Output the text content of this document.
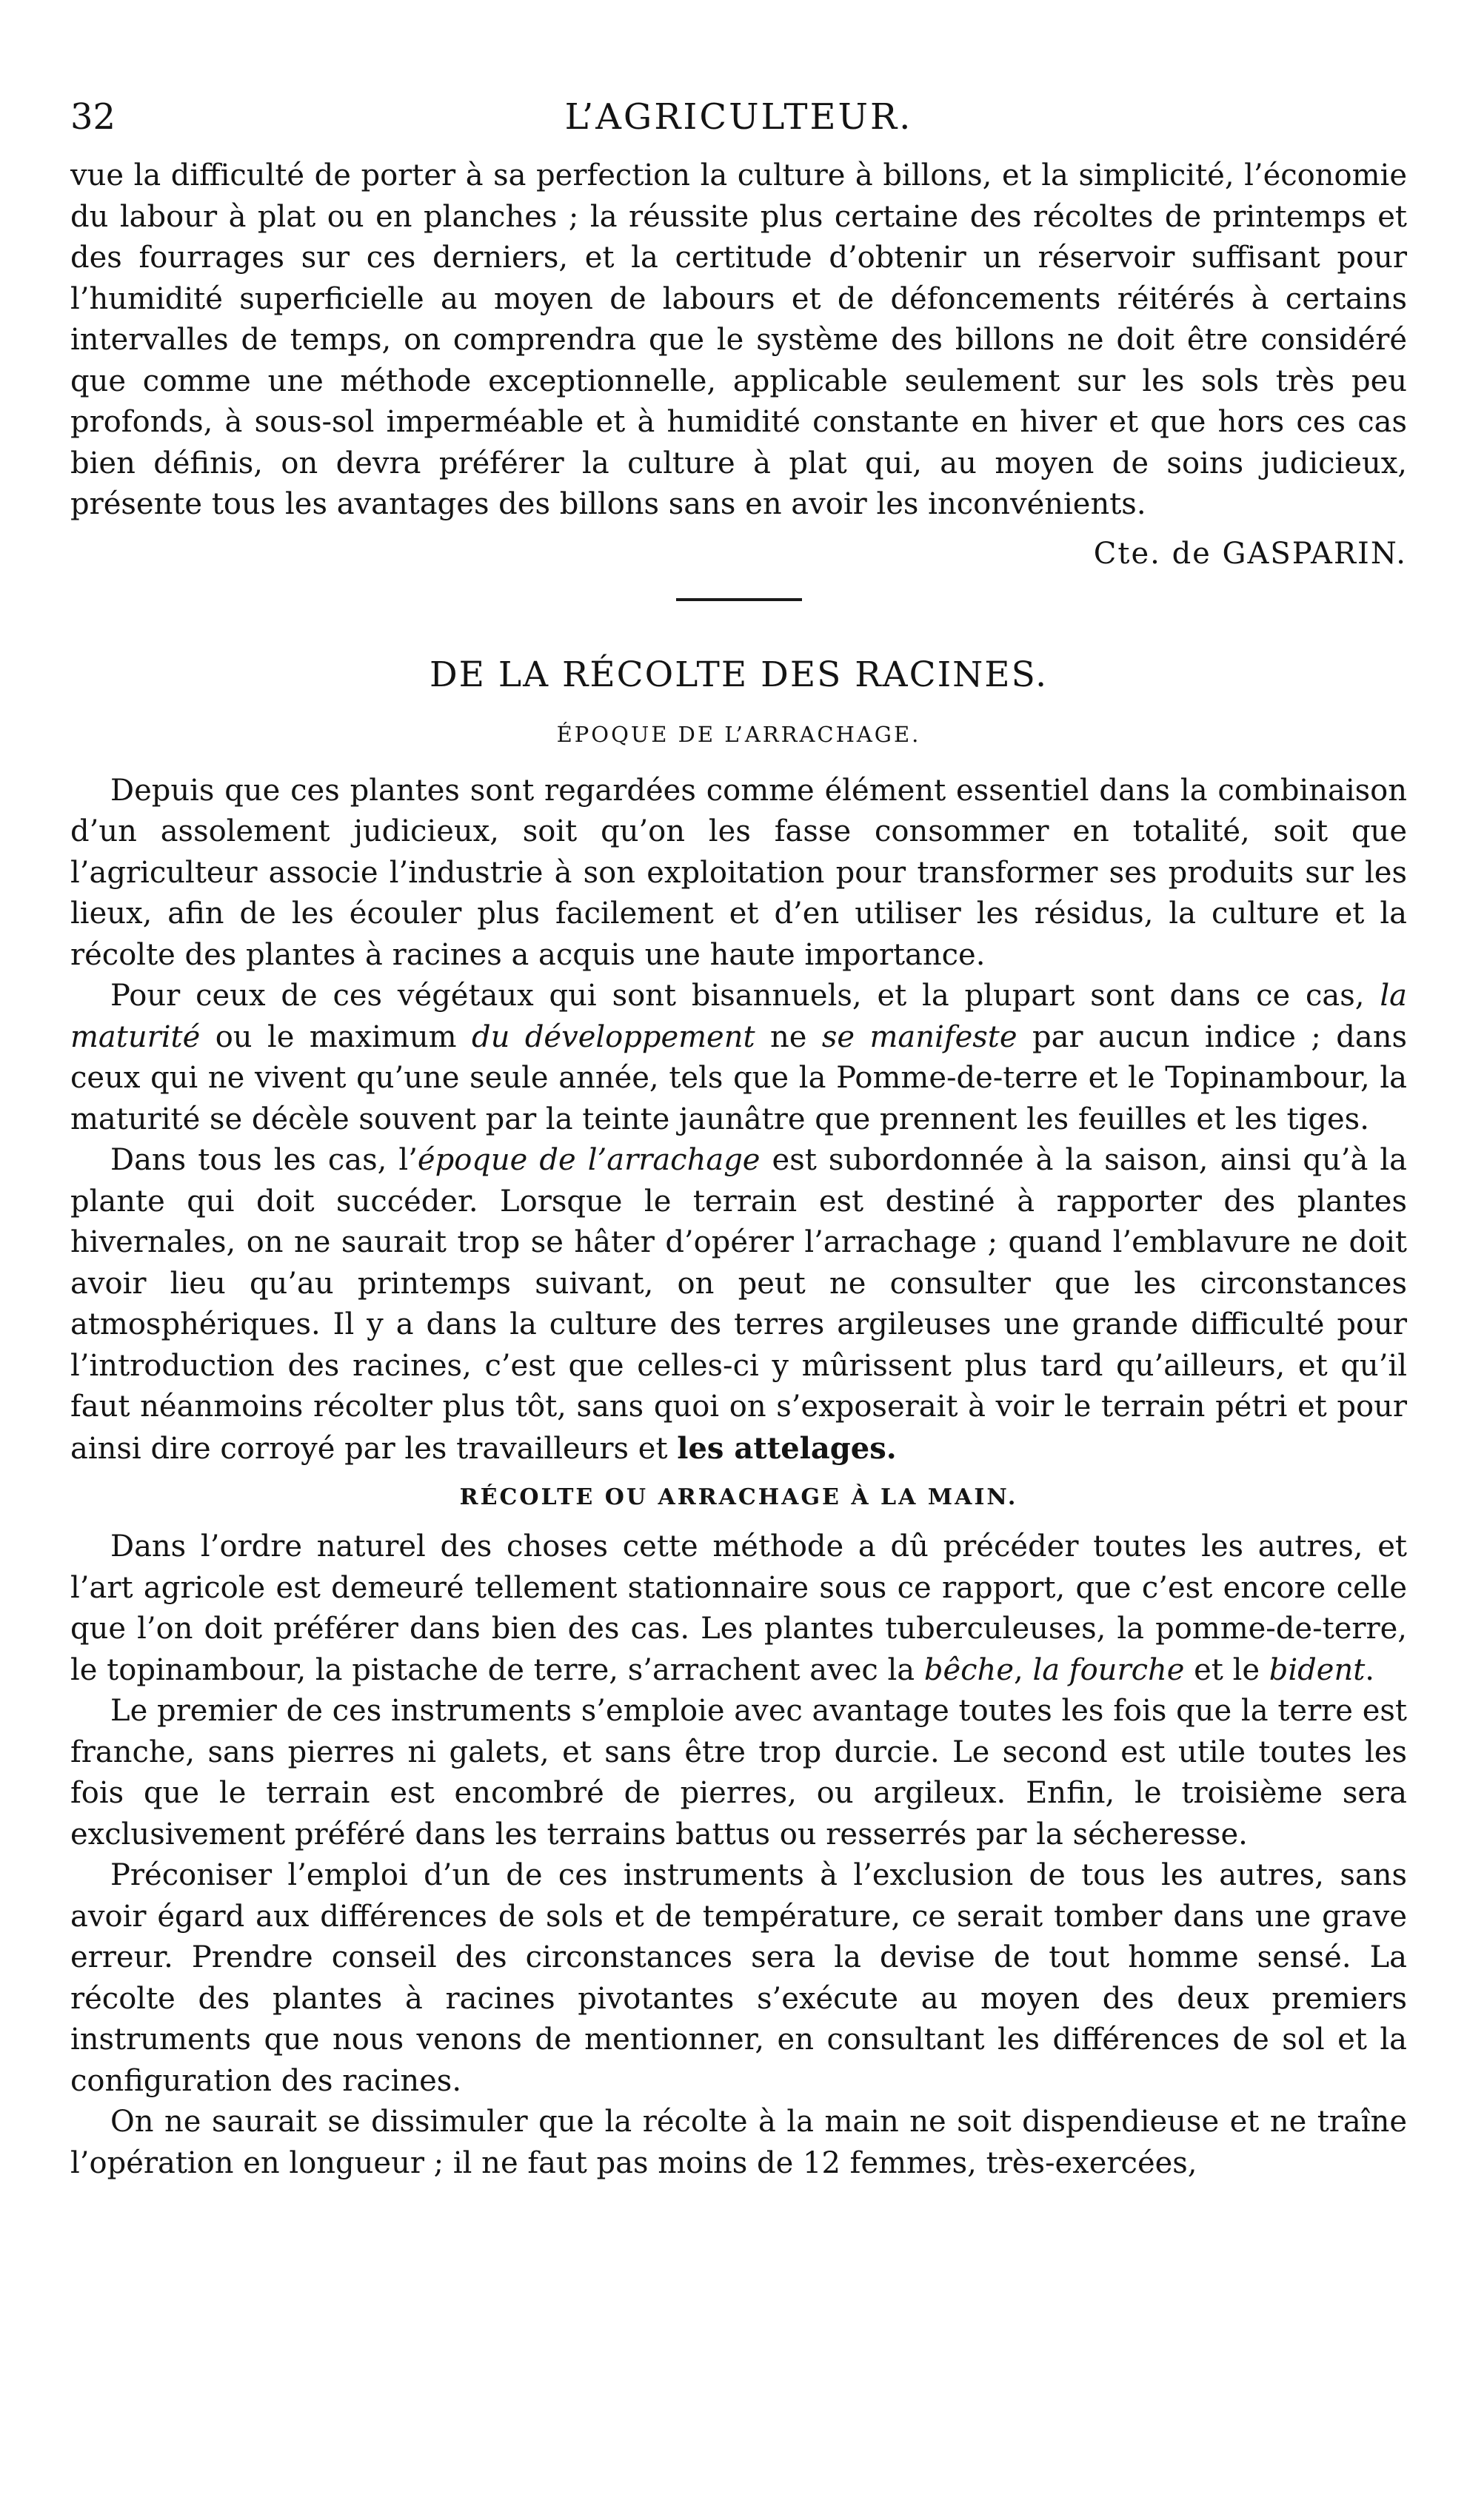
32	L’AGRICULTEUR.

vue la difficulté de porter à sa perfection la culture à billons, et la simplicité, l’économie du labour à plat ou en planches ; la réussite plus certaine des récoltes de printemps et des fourrages sur ces derniers, et la certitude d’obtenir un réservoir suffisant pour l’humidité superficielle au moyen de labours et de défoncements réitérés à certains intervalles de temps, on comprendra que le système des billons ne doit être considéré que comme une méthode exceptionnelle, applicable seulement sur les sols très peu profonds, à sous-sol imperméable et à humidité constante en hiver et que hors ces cas bien définis, on devra préférer la culture à plat qui, au moyen de soins judicieux, présente tous les avantages des billons sans en avoir les inconvénients.

Cte. de GASPARIN.
DE LA RÉCOLTE DES RACINES.
ÉPOQUE DE L’ARRACHAGE.

Depuis que ces plantes sont regardées comme élément essentiel dans la combinaison d’un assolement judicieux, soit qu’on les fasse consommer en totalité, soit que l’agriculteur associe l’industrie à son exploitation pour transformer ses produits sur les lieux, afin de les écouler plus facilement et d’en utiliser les résidus, la culture et la récolte des plantes à racines a acquis une haute importance.

Pour ceux de ces végétaux qui sont bisannuels, et la plupart sont dans ce cas, la maturité ou le maximum du développement ne se manifeste par aucun indice ; dans ceux qui ne vivent qu’une seule année, tels que la Pomme-de-terre et le Topinambour, la maturité se décèle souvent par la teinte jaunâtre que prennent les feuilles et les tiges.

Dans tous les cas, l’époque de l’arrachage est subordonnée à la saison, ainsi qu’à la plante qui doit succéder. Lorsque le terrain est destiné à rapporter des plantes hivernales, on ne saurait trop se hâter d’opérer l’arrachage ; quand l’emblavure ne doit avoir lieu qu’au printemps suivant, on peut ne consulter que les circonstances atmosphériques. Il y a dans la culture des terres argileuses une grande difficulté pour l’introduction des racines, c’est que celles-ci y mûrissent plus tard qu’ailleurs, et qu’il faut néanmoins récolter plus tôt, sans quoi on s’exposerait à voir le terrain pétri et pour ainsi dire corroyé par les travailleurs et les attelages.

RÉCOLTE OU ARRACHAGE À LA MAIN.

Dans l’ordre naturel des choses cette méthode a dû précéder toutes les autres, et l’art agricole est demeuré tellement stationnaire sous ce rapport, que c’est encore celle que l’on doit préférer dans bien des cas. Les plantes tuberculeuses, la pomme-de-terre, le topinambour, la pistache de terre, s’arrachent avec la bêche, la fourche et le bident.

Le premier de ces instruments s’emploie avec avantage toutes les fois que la terre est franche, sans pierres ni galets, et sans être trop durcie. Le second est utile toutes les fois que le terrain est encombré de pierres, ou argileux. Enfin, le troisième sera exclusivement préféré dans les terrains battus ou resserrés par la sécheresse.

Préconiser l’emploi d’un de ces instruments à l’exclusion de tous les autres, sans avoir égard aux différences de sols et de température, ce serait tomber dans une grave erreur. Prendre conseil des circonstances sera la devise de tout homme sensé. La récolte des plantes à racines pivotantes s’exécute au moyen des deux premiers instruments que nous venons de mentionner, en consultant les différences de sol et la configuration des racines.

On ne saurait se dissimuler que la récolte à la main ne soit dispendieuse et ne traîne l’opération en longueur ; il ne faut pas moins de 12 femmes, très-exercées,
